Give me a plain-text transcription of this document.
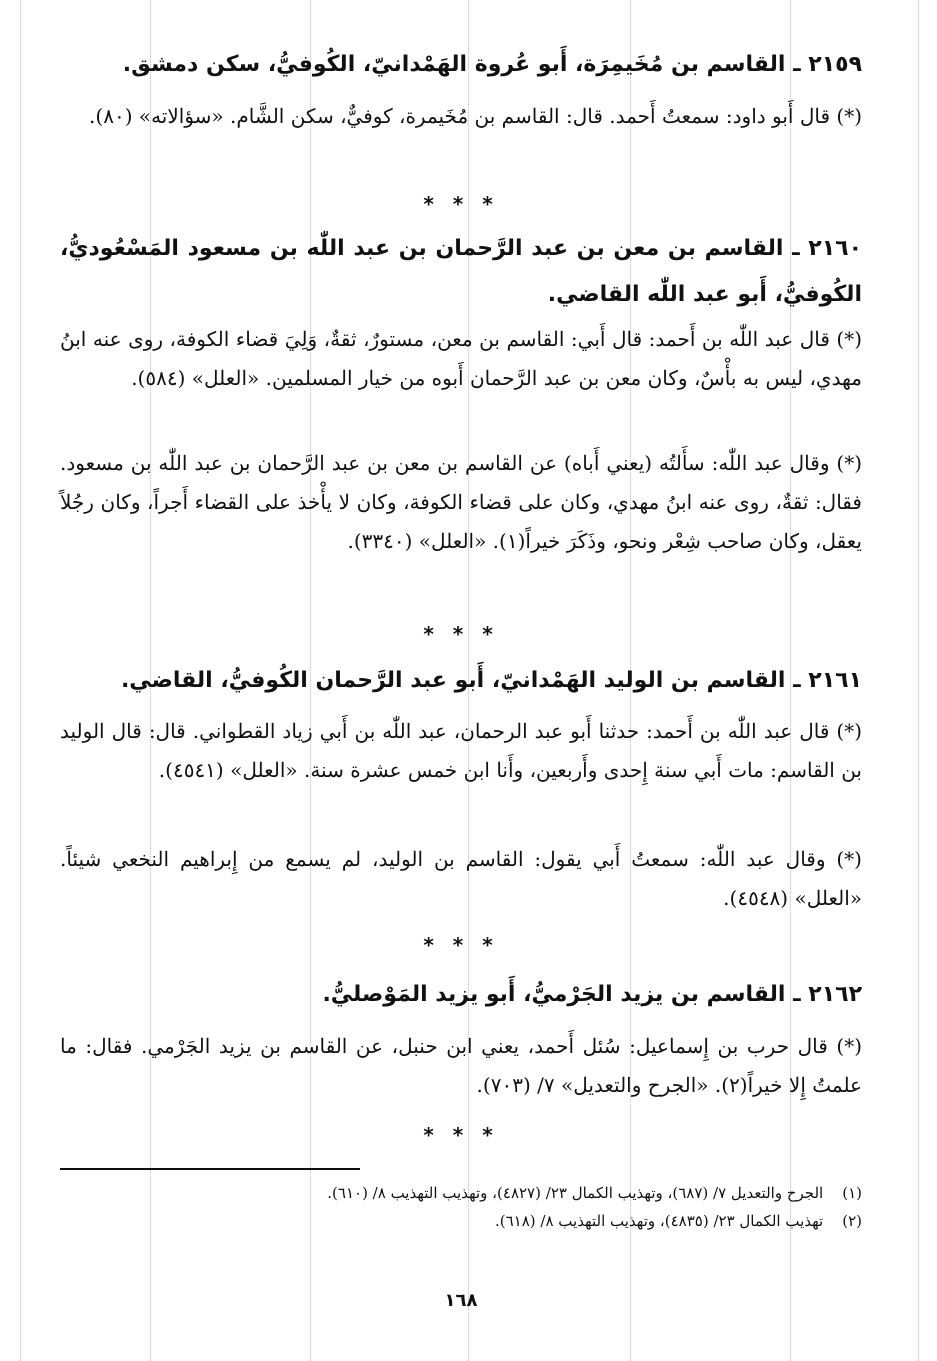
٢١٥٩ ـ القاسم بن مُخَيمِرَة، أَبو عُروة الهَمْدانيّ، الكُوفيُّ، سكن دمشق.
(*) قال أَبو داود: سمعتُ أَحمد. قال: القاسم بن مُخَيمرة، كوفيٌّ، سكن الشَّام. «سؤالاته» (٨٠).
* * *
٢١٦٠ ـ القاسم بن معن بن عبد الرَّحمان بن عبد اللّٰه بن مسعود المَسْعُوديُّ، الكُوفيُّ، أَبو عبد اللّٰه القاضي.
(*) قال عبد اللّٰه بن أَحمد: قال أَبي: القاسم بن معن، مستورٌ، ثقةٌ، وَلِيَ قضاء الكوفة، روى عنه ابنُ مهدي، ليس به بأْسٌ، وكان معن بن عبد الرَّحمان أَبوه من خيار المسلمين. «العلل» (٥٨٤).
(*) وقال عبد اللّٰه: سأَلتُه (يعني أَباه) عن القاسم بن معن بن عبد الرَّحمان بن عبد اللّٰه بن مسعود. فقال: ثقةٌ، روى عنه ابنُ مهدي، وكان على قضاء الكوفة، وكان لا يأْخذ على القضاء أَجراً، وكان رجُلاً يعقل، وكان صاحب شِعْر ونحو، وذَكَرَ خيراً(١). «العلل» (٣٣٤٠).
* * *
٢١٦١ ـ القاسم بن الوليد الهَمْدانيّ، أَبو عبد الرَّحمان الكُوفيُّ، القاضي.
(*) قال عبد اللّٰه بن أَحمد: حدثنا أَبو عبد الرحمان، عبد اللّٰه بن أَبي زياد القطواني. قال: قال الوليد بن القاسم: مات أَبي سنة إِحدى وأَربعين، وأَنا ابن خمس عشرة سنة. «العلل» (٤٥٤١).
(*) وقال عبد اللّٰه: سمعتُ أَبي يقول: القاسم بن الوليد، لم يسمع من إِبراهيم النخعي شيئاً. «العلل» (٤٥٤٨).
* * *
٢١٦٢ ـ القاسم بن يزيد الجَرْميُّ، أَبو يزيد المَوْصليُّ.
(*) قال حرب بن إِسماعيل: سُئل أَحمد، يعني ابن حنبل، عن القاسم بن يزيد الجَرْمي. فقال: ما علمتُ إِلا خيراً(٢). «الجرح والتعديل» ٧/ (٧٠٣).
* * *
(١) الجرح والتعديل ٧/ (٦٨٧)، وتهذيب الكمال ٢٣/ (٤٨٢٧)، وتهذيب التهذيب ٨/ (٦١٠).
(٢) تهذيب الكمال ٢٣/ (٤٨٣٥)، وتهذيب التهذيب ٨/ (٦١٨).
١٦٨
